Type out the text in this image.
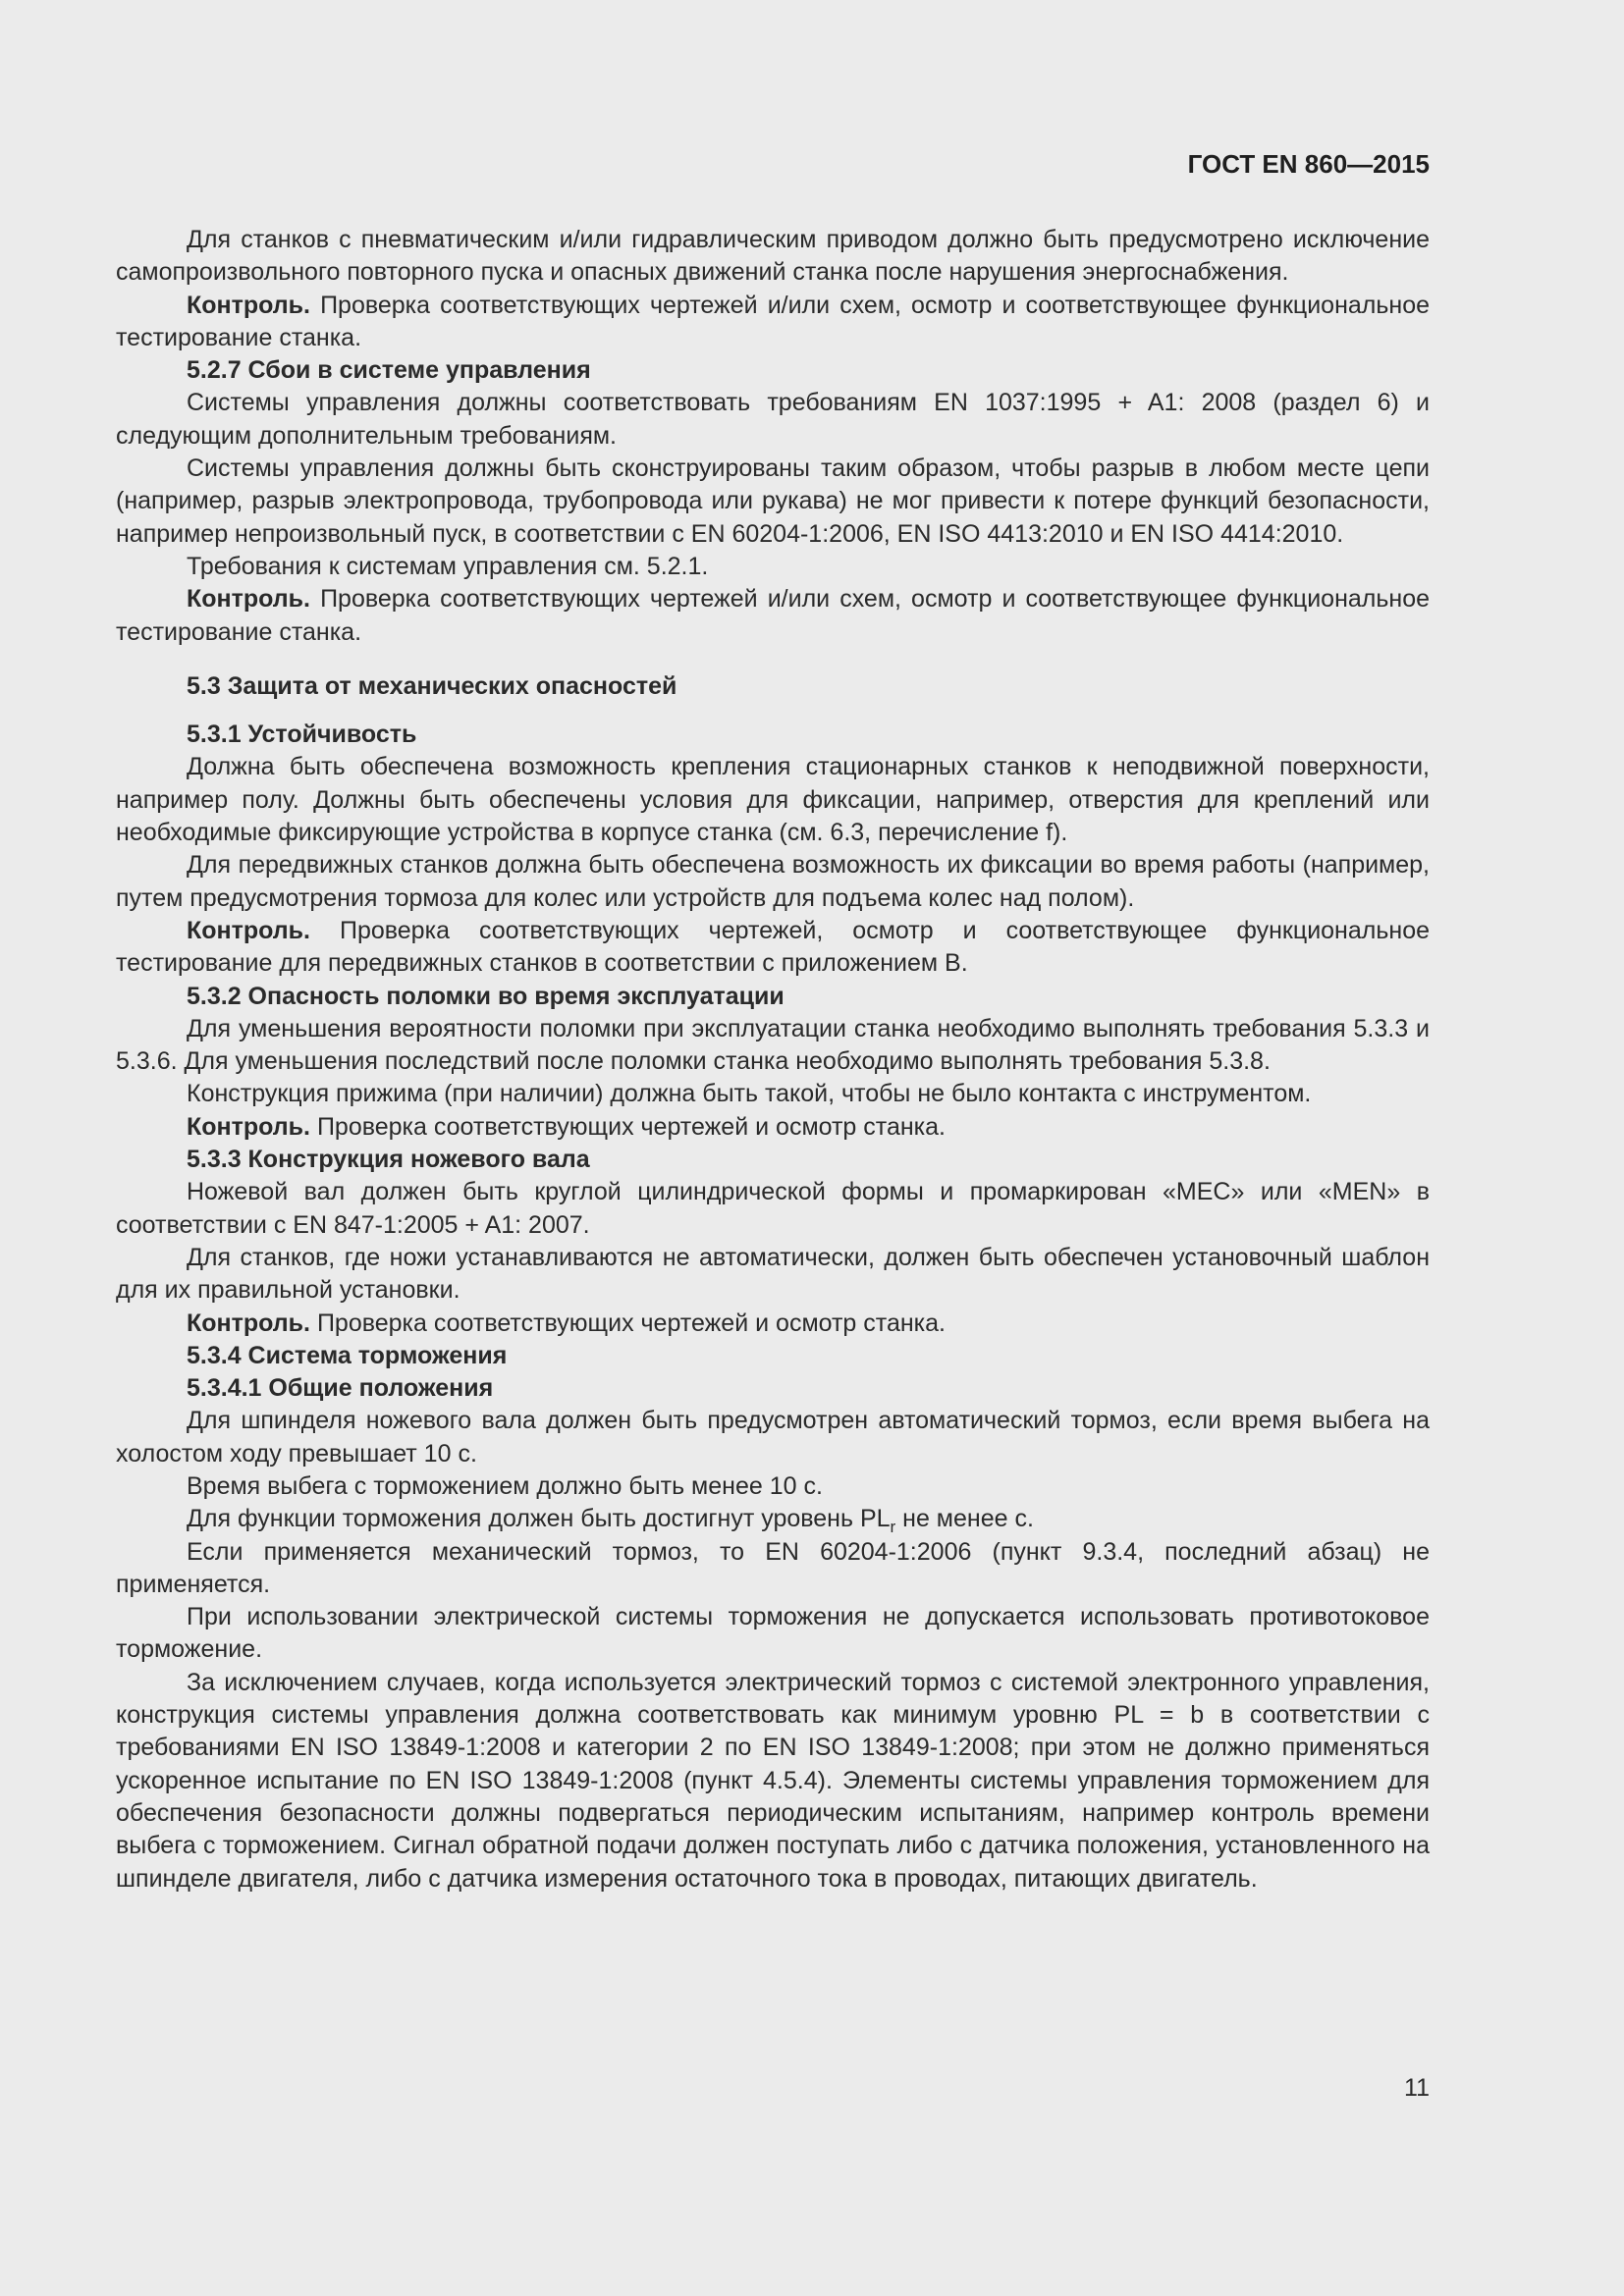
ГОСТ EN 860—2015

Для станков с пневматическим и/или гидравлическим приводом должно быть предусмотрено исключение самопроизвольного повторного пуска и опасных движений станка после нарушения энергоснабжения.

Контроль. Проверка соответствующих чертежей и/или схем, осмотр и соответствующее функциональное тестирование станка.

5.2.7 Сбои в системе управления

Системы управления должны соответствовать требованиям EN 1037:1995 + A1: 2008 (раздел 6) и следующим дополнительным требованиям.

Системы управления должны быть сконструированы таким образом, чтобы разрыв в любом месте цепи (например, разрыв электропровода, трубопровода или рукава) не мог привести к потере функций безопасности, например непроизвольный пуск, в соответствии с EN 60204-1:2006, EN ISO 4413:2010 и EN ISO 4414:2010.

Требования к системам управления см. 5.2.1.

Контроль. Проверка соответствующих чертежей и/или схем, осмотр и соответствующее функциональное тестирование станка.

5.3 Защита от механических опасностей

5.3.1 Устойчивость

Должна быть обеспечена возможность крепления стационарных станков к неподвижной поверхности, например полу. Должны быть обеспечены условия для фиксации, например, отверстия для креплений или необходимые фиксирующие устройства в корпусе станка (см. 6.3, перечисление f).

Для передвижных станков должна быть обеспечена возможность их фиксации во время работы (например, путем предусмотрения тормоза для колес или устройств для подъема колес над полом).

Контроль. Проверка соответствующих чертежей, осмотр и соответствующее функциональное тестирование для передвижных станков в соответствии с приложением B.

5.3.2 Опасность поломки во время эксплуатации

Для уменьшения вероятности поломки при эксплуатации станка необходимо выполнять требования 5.3.3 и 5.3.6. Для уменьшения последствий после поломки станка необходимо выполнять требования 5.3.8.

Конструкция прижима (при наличии) должна быть такой, чтобы не было контакта с инструментом.

Контроль. Проверка соответствующих чертежей и осмотр станка.

5.3.3 Конструкция ножевого вала

Ножевой вал должен быть круглой цилиндрической формы и промаркирован «MEC» или «MEN» в соответствии с EN 847-1:2005 + A1: 2007.

Для станков, где ножи устанавливаются не автоматически, должен быть обеспечен установочный шаблон для их правильной установки.

Контроль. Проверка соответствующих чертежей и осмотр станка.

5.3.4 Система торможения

5.3.4.1 Общие положения

Для шпинделя ножевого вала должен быть предусмотрен автоматический тормоз, если время выбега на холостом ходу превышает 10 с.

Время выбега с торможением должно быть менее 10 с.

Для функции торможения должен быть достигнут уровень $PL_r$ не менее c.

Если применяется механический тормоз, то EN 60204-1:2006 (пункт 9.3.4, последний абзац) не применяется.

При использовании электрической системы торможения не допускается использовать противотоковое торможение.

За исключением случаев, когда используется электрический тормоз с системой электронного управления, конструкция системы управления должна соответствовать как минимум уровню PL = b в соответствии с требованиями EN ISO 13849-1:2008 и категории 2 по EN ISO 13849-1:2008; при этом не должно применяться ускоренное испытание по EN ISO 13849-1:2008 (пункт 4.5.4). Элементы системы управления торможением для обеспечения безопасности должны подвергаться периодическим испытаниям, например контроль времени выбега с торможением. Сигнал обратной подачи должен поступать либо с датчика положения, установленного на шпинделе двигателя, либо с датчика измерения остаточного тока в проводах, питающих двигатель.

11
